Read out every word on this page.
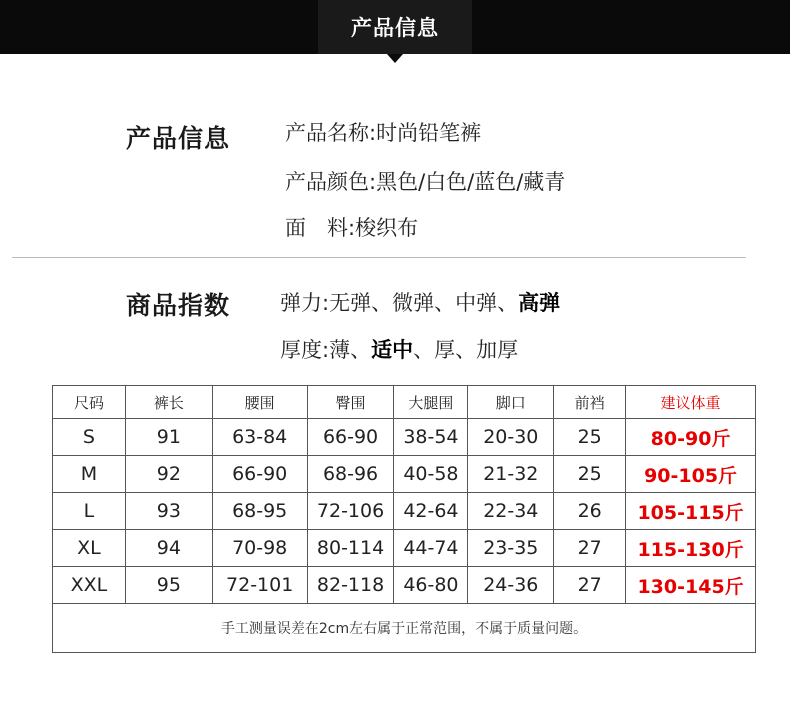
产品信息
产品信息	产品名称:时尚铅笔裤
产品颜色:黑色/白色/蓝色/藏青
面　料:梭织布
商品指数 弹力:无弹、微弹、中弹、高弹
厚度:薄、适中、厚、加厚
尺码	裤长	腰围	臀围	大腿围	脚口	前裆	建议体重
S	91	63-84	66-90	38-54	20-30	25	80-90斤
M	92	66-90	68-96	40-58	21-32	25	90-105斤
L	93	68-95	72-106	42-64	22-34	26	105-115斤
XL	94	70-98	80-114	44-74	23-35	27	115-130斤
XXL	95	72-101	82-118	46-80	24-36	27	130-145斤
手工测量误差在2cm左右属于正常范围，不属于质量问题。							
